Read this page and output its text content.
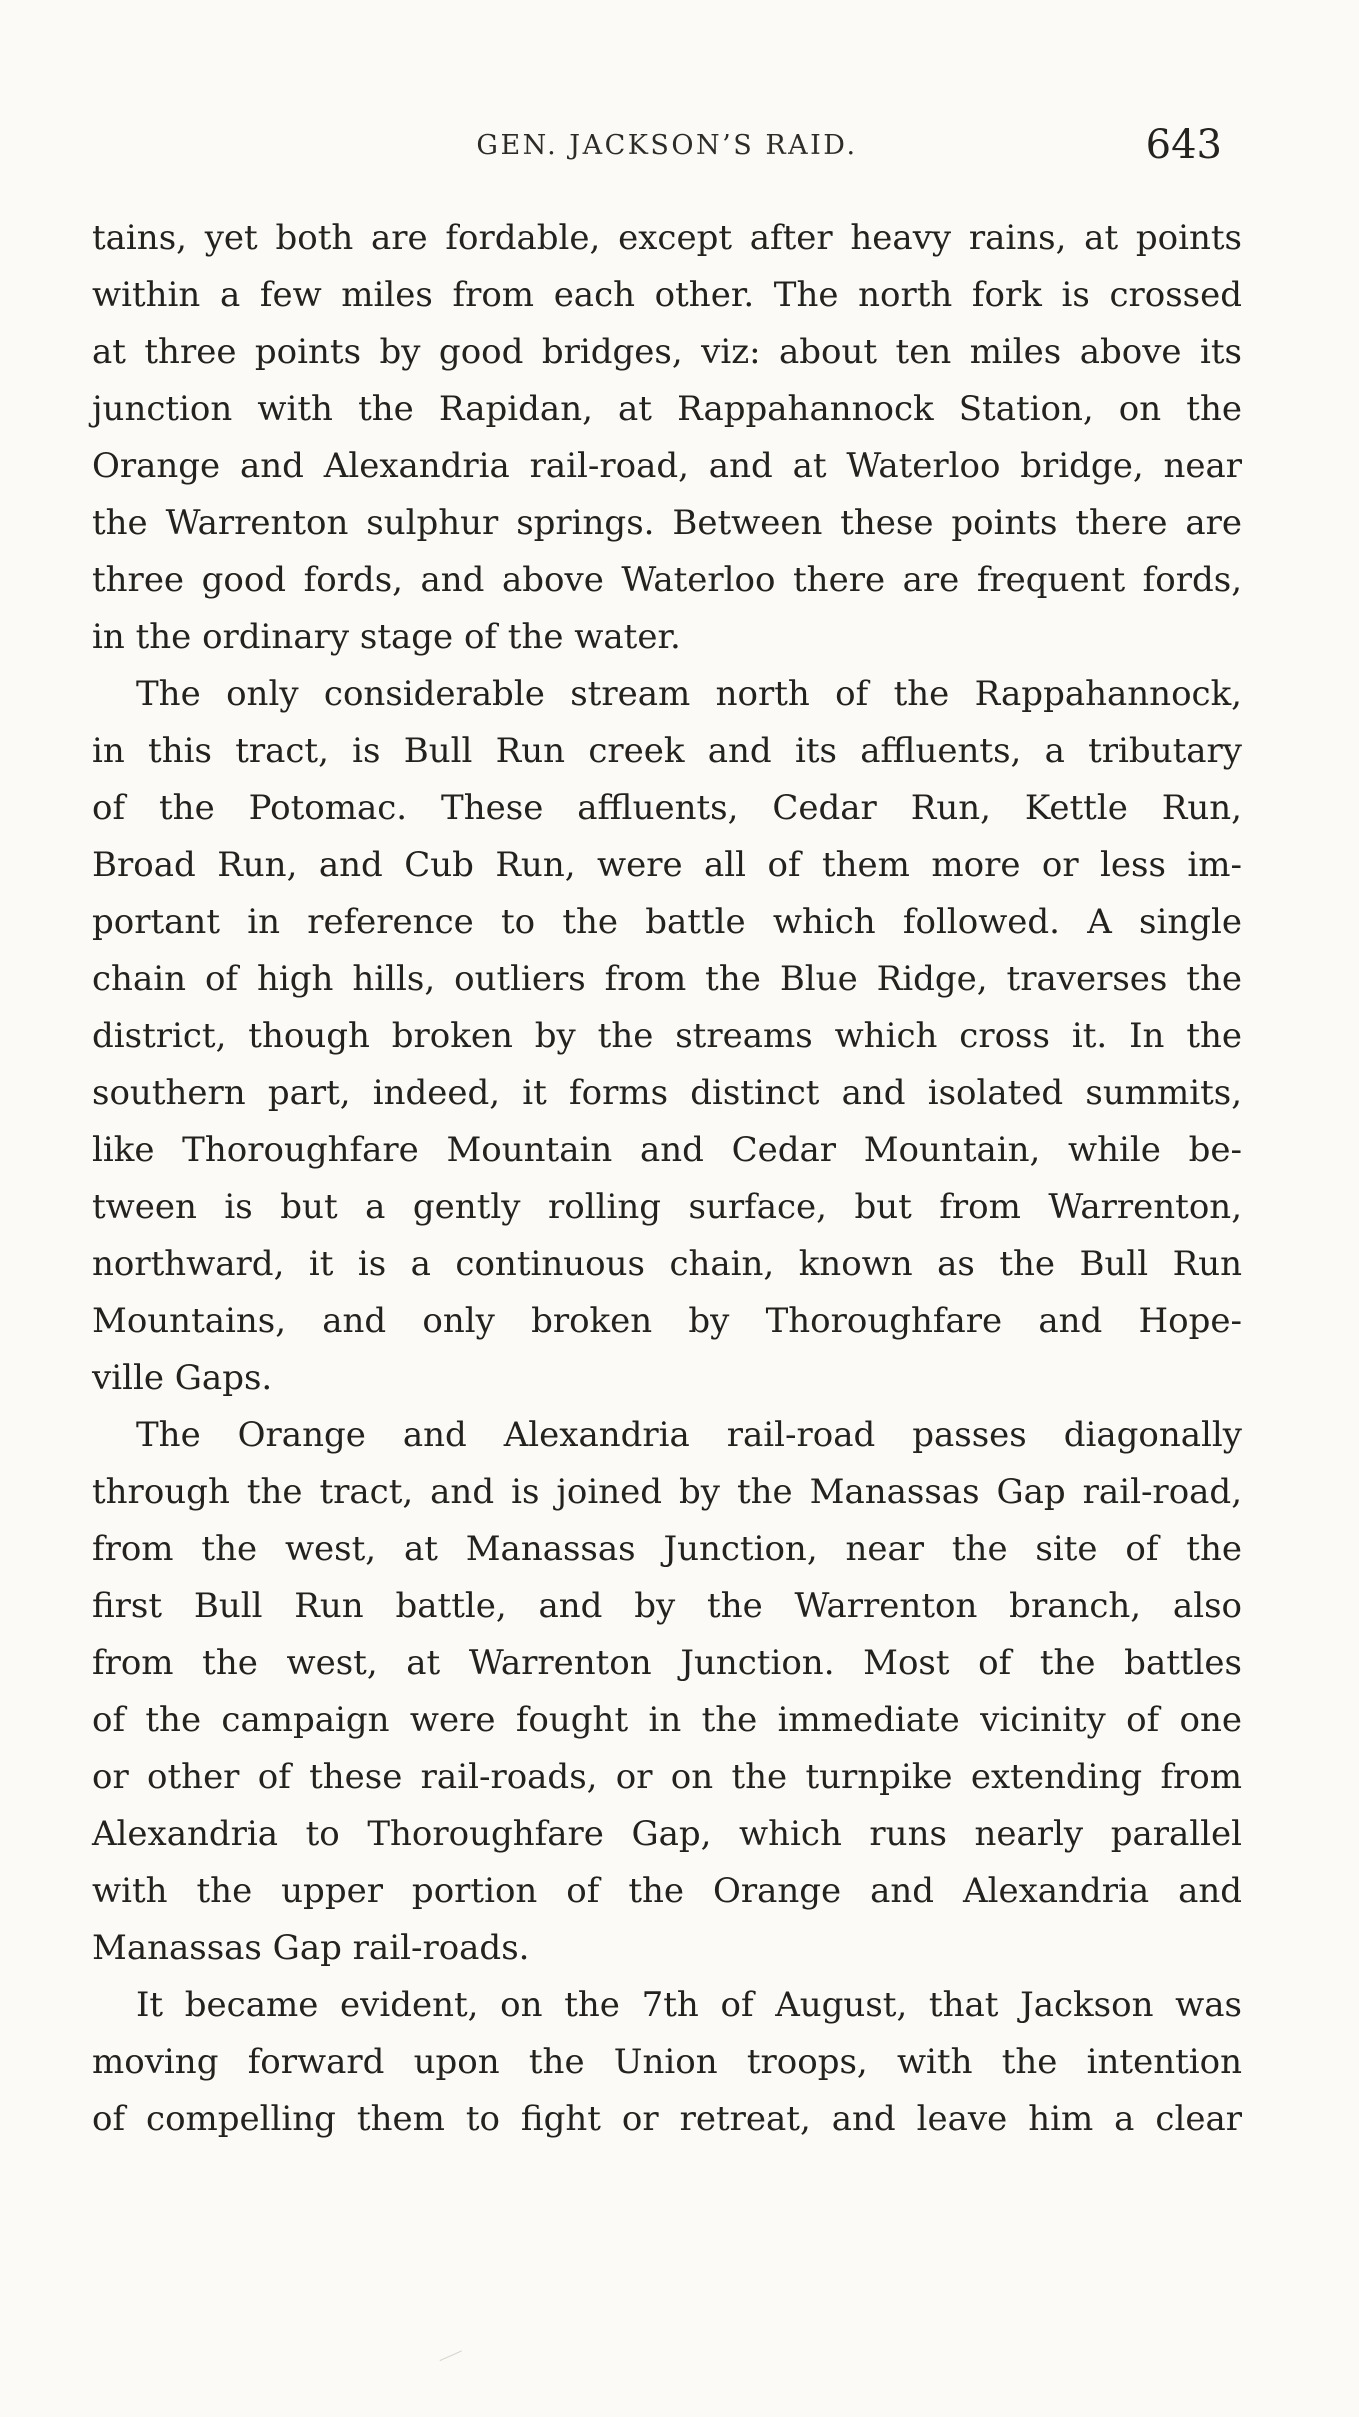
GEN. JACKSON’S RAID.	643

tains, yet both are fordable, except after heavy rains, at points
within a few miles from each other. The north fork is crossed
at three points by good bridges, viz: about ten miles above its
junction with the Rapidan, at Rappahannock Station, on the
Orange and Alexandria rail-road, and at Waterloo bridge, near
the Warrenton sulphur springs. Between these points there are
three good fords, and above Waterloo there are frequent fords,
in the ordinary stage of the water.

The only considerable stream north of the Rappahannock,
in this tract, is Bull Run creek and its affluents, a tributary
of the Potomac. These affluents, Cedar Run, Kettle Run,
Broad Run, and Cub Run, were all of them more or less im-
portant in reference to the battle which followed. A single
chain of high hills, outliers from the Blue Ridge, traverses the
district, though broken by the streams which cross it. In the
southern part, indeed, it forms distinct and isolated summits,
like Thoroughfare Mountain and Cedar Mountain, while be-
tween is but a gently rolling surface, but from Warrenton,
northward, it is a continuous chain, known as the Bull Run
Mountains, and only broken by Thoroughfare and Hope-
ville Gaps.

The Orange and Alexandria rail-road passes diagonally
through the tract, and is joined by the Manassas Gap rail-road,
from the west, at Manassas Junction, near the site of the
first Bull Run battle, and by the Warrenton branch, also
from the west, at Warrenton Junction. Most of the battles
of the campaign were fought in the immediate vicinity of one
or other of these rail-roads, or on the turnpike extending from
Alexandria to Thoroughfare Gap, which runs nearly parallel
with the upper portion of the Orange and Alexandria and
Manassas Gap rail-roads.

It became evident, on the 7th of August, that Jackson was
moving forward upon the Union troops, with the intention
of compelling them to fight or retreat, and leave him a clear
